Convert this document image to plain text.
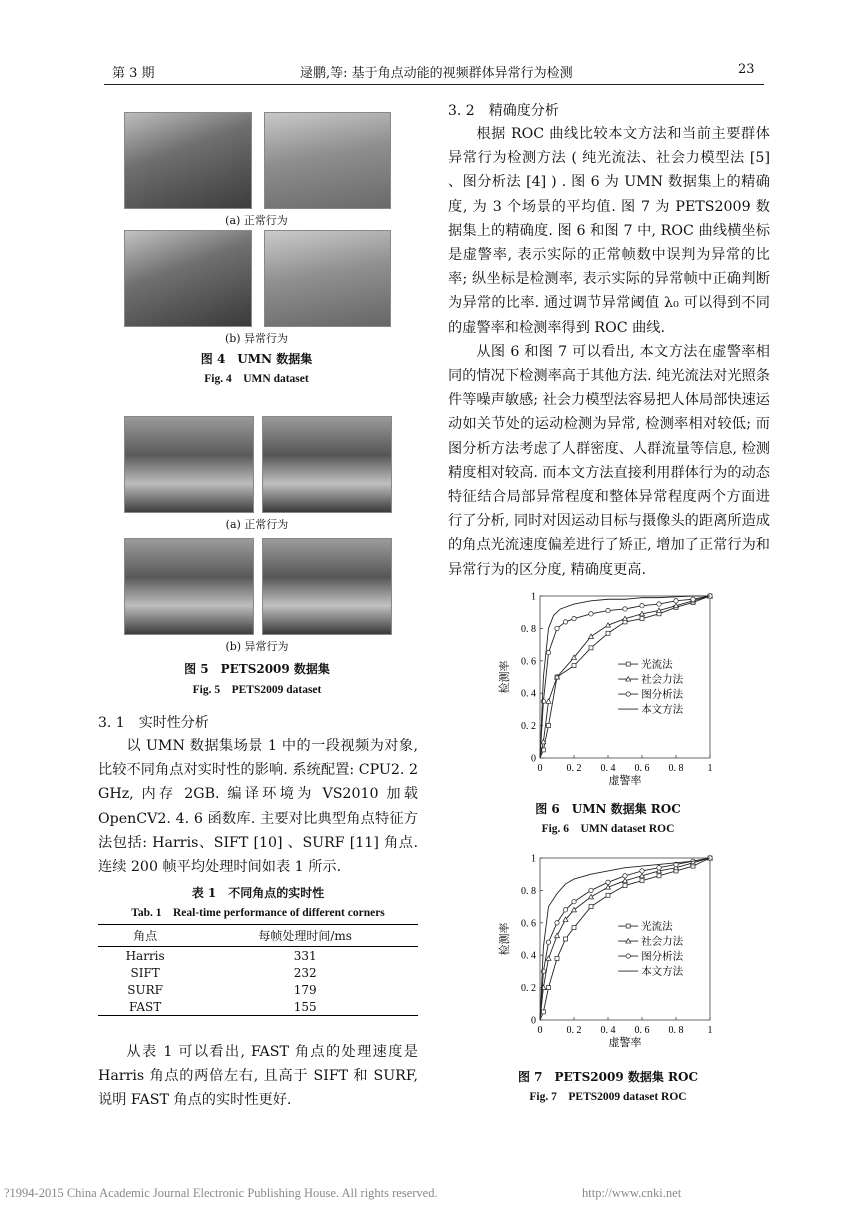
第 3 期	逯鹏,等: 基于角点动能的视频群体异常行为检测	23
(a) 正常行为
(b) 异常行为
图 4　UMN 数据集
Fig. 4　UMN dataset
(a) 正常行为
(b) 异常行为
图 5　PETS2009 数据集
Fig. 5　PETS2009 dataset
3. 1　实时性分析

以 UMN 数据集场景 1 中的一段视频为对象, 比较不同角点对实时性的影响. 系统配置: CPU2. 2 GHz, 内存 2GB. 编译环境为 VS2010 加载 OpenCV2. 4. 6 函数库. 主要对比典型角点特征方法包括: Harris、SIFT [10] 、SURF [11] 角点. 连续 200 帧平均处理时间如表 1 所示.

表 1　不同角点的实时性
Tab. 1　Real-time performance of different corners
角点	每帧处理时间/ms
Harris	331
SIFT	232
SURF	179
FAST	155

从表 1 可以看出, FAST 角点的处理速度是 Harris 角点的两倍左右, 且高于 SIFT 和 SURF, 说明 FAST 角点的实时性更好.

3. 2　精确度分析

根据 ROC 曲线比较本文方法和当前主要群体异常行为检测方法 ( 纯光流法、社会力模型法 [5] 、图分析法 [4] ) . 图 6 为 UMN 数据集上的精确度, 为 3 个场景的平均值. 图 7 为 PETS2009 数据集上的精确度. 图 6 和图 7 中, ROC 曲线横坐标是虚警率, 表示实际的正常帧数中误判为异常的比率; 纵坐标是检测率, 表示实际的异常帧中正确判断为异常的比率. 通过调节异常阈值 λ₀ 可以得到不同的虚警率和检测率得到 ROC 曲线.

从图 6 和图 7 可以看出, 本文方法在虚警率相同的情况下检测率高于其他方法. 纯光流法对光照条件等噪声敏感; 社会力模型法容易把人体局部快速运动如关节处的运动检测为异常, 检测率相对较低; 而图分析方法考虑了人群密度、人群流量等信息, 检测精度相对较高. 而本文方法直接利用群体行为的动态特征结合局部异常程度和整体异常程度两个方面进行了分析, 同时对因运动目标与摄像头的距离所造成的角点光流速度偏差进行了矫正, 增加了正常行为和异常行为的区分度, 精确度更高.

0 0. 2 0. 4 0. 6 0. 8 1
0
0. 2
0. 4
0. 6
0. 8
1
虚警率
检测率	光流法
社会力法
图分析法
本文方法
图 6　UMN 数据集 ROC
Fig. 6　UMN dataset ROC
0 0. 2 0. 4 0. 6 0. 8 1
0
0. 2
0. 4
0. 6
0. 8
1
虚警率
检测率	光流法
社会力法
图分析法
本文方法
图 7　PETS2009 数据集 ROC
Fig. 7　PETS2009 dataset ROC
?1994-2015 China Academic Journal Electronic Publishing House. All rights reserved.	http://www.cnki.net
